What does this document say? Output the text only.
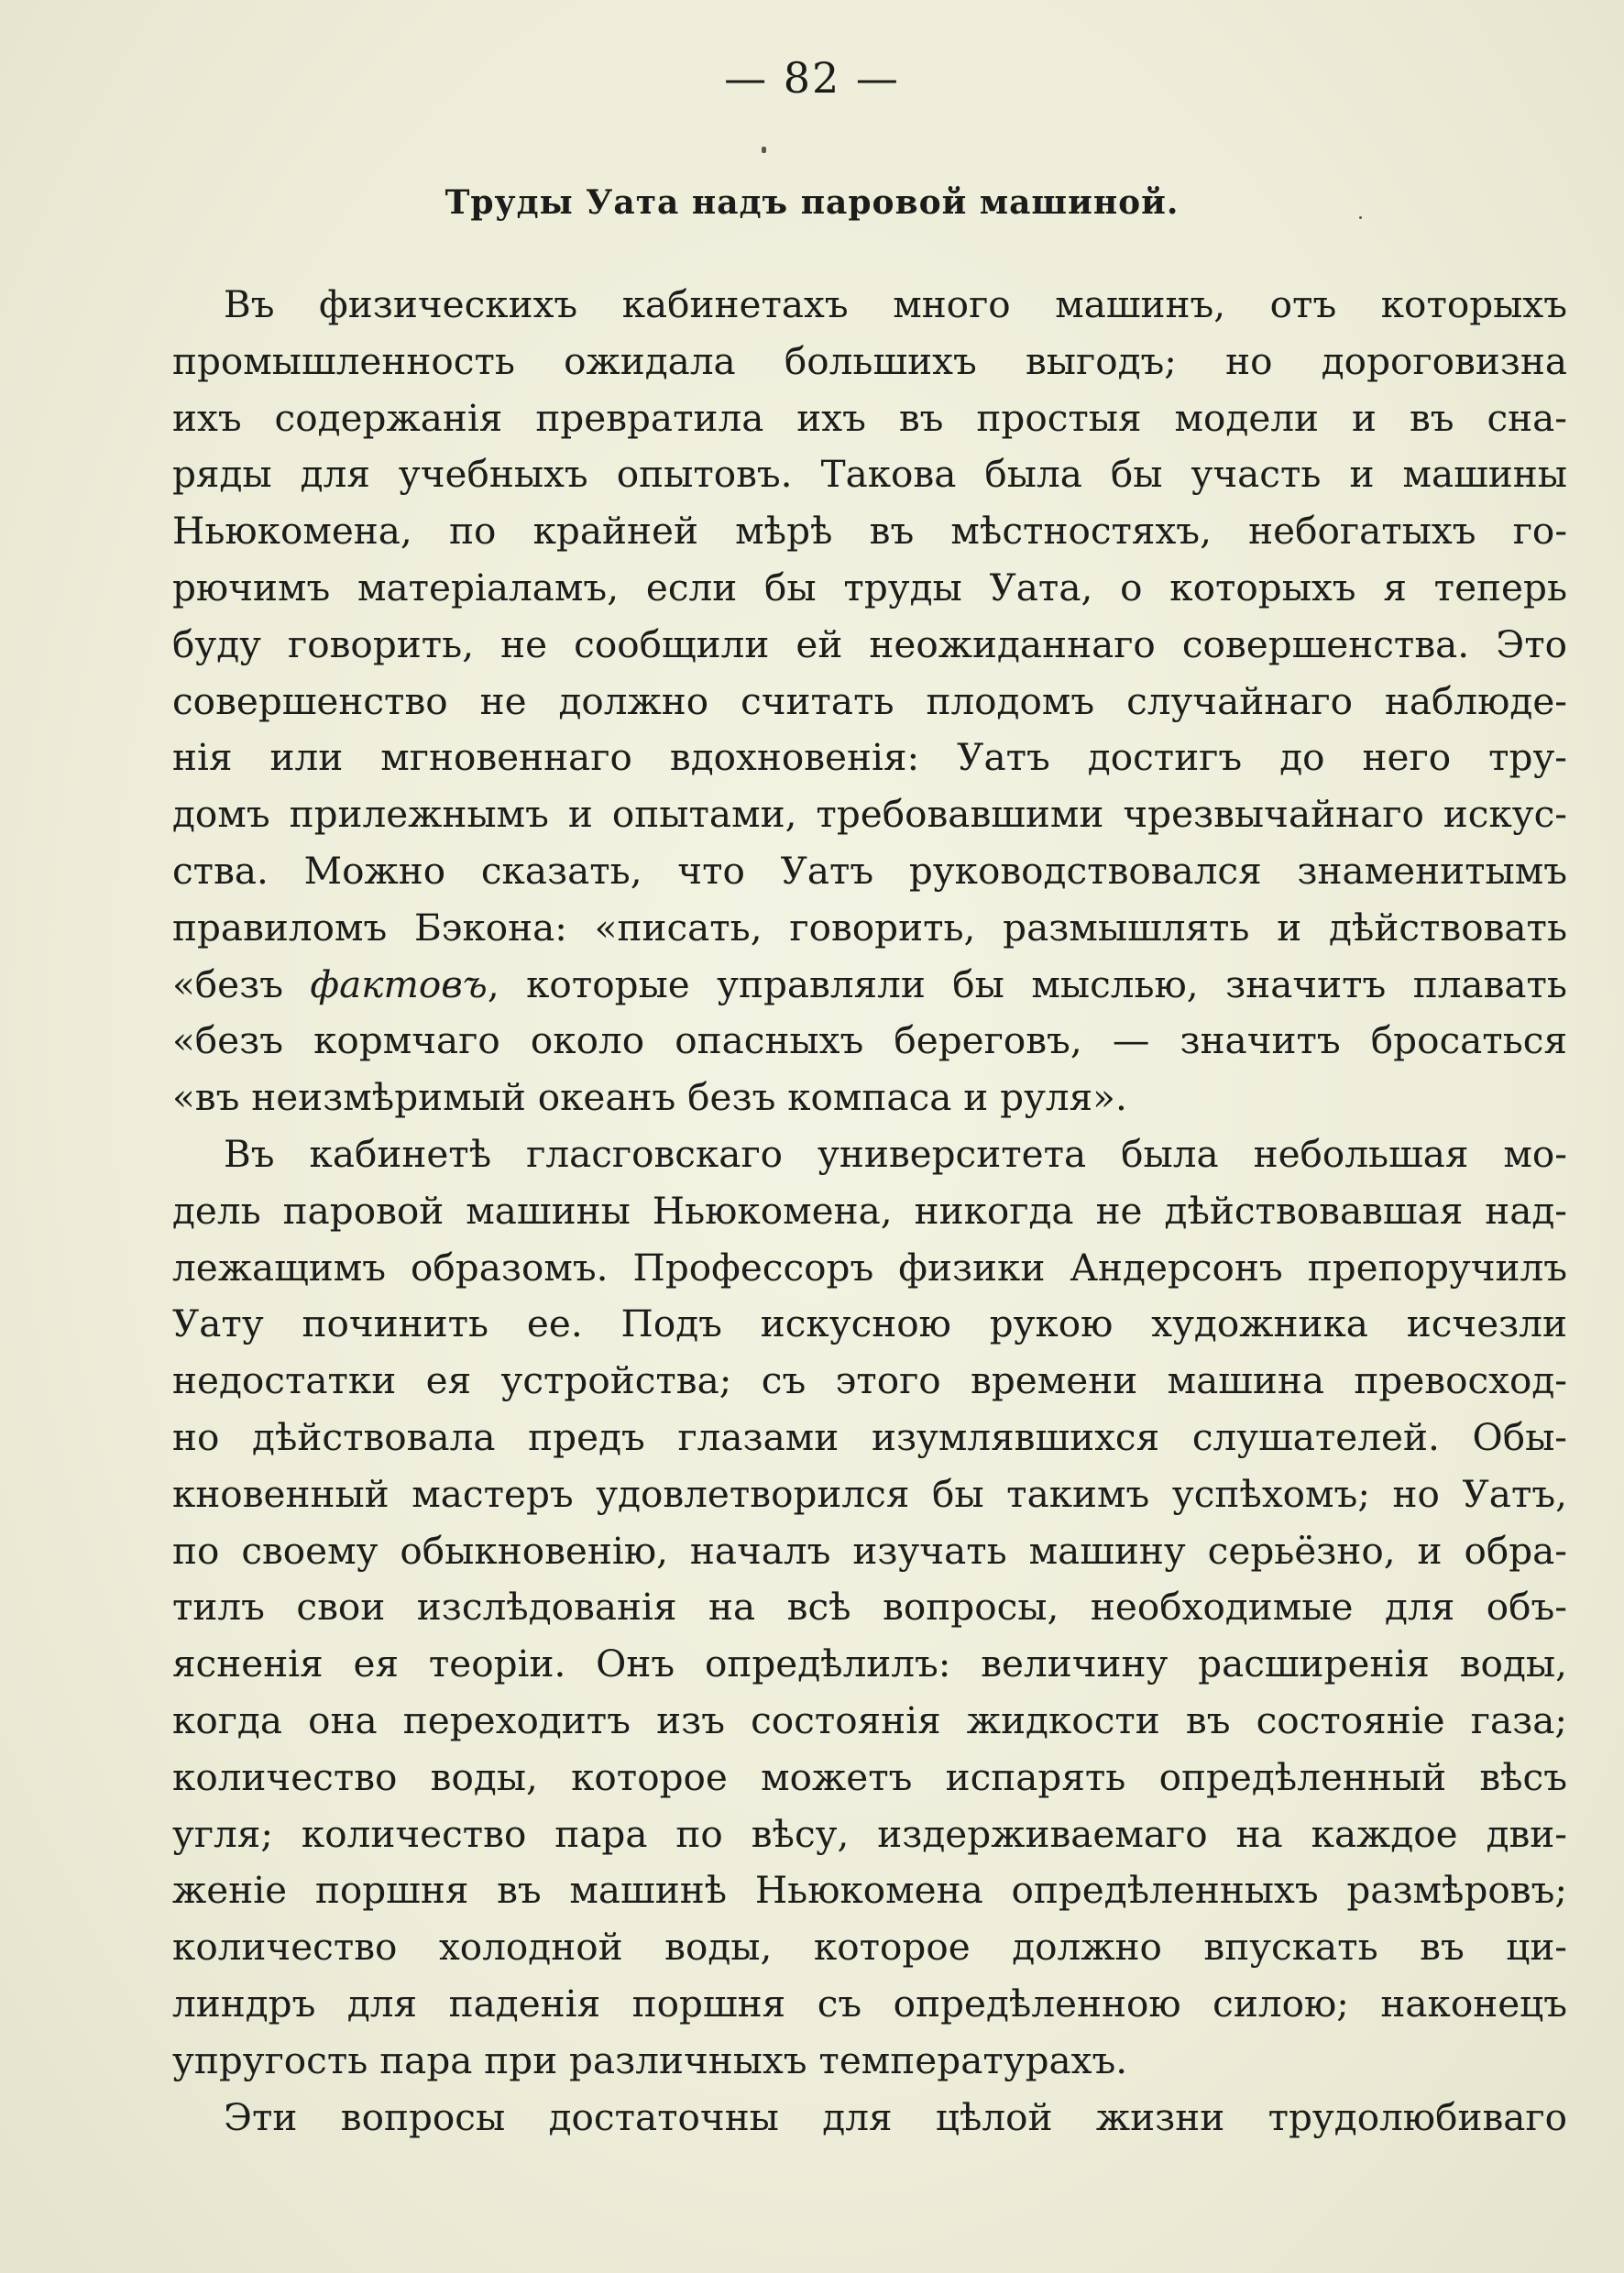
— 82 —
Труды Уата надъ паровой машиной.
Въ физическихъ кабинетахъ много машинъ, отъ которыхъ
промышленность ожидала большихъ выгодъ; но дороговизна
ихъ содержанія превратила ихъ въ простыя модели и въ сна-
ряды для учебныхъ опытовъ. Такова была бы участь и машины
Ньюкомена, по крайней мѣрѣ въ мѣстностяхъ, небогатыхъ го-
рючимъ матеріаламъ, если бы труды Уата, о которыхъ я теперь
буду говорить, не сообщили ей неожиданнаго совершенства. Это
совершенство не должно считать плодомъ случайнаго наблюде-
нія или мгновеннаго вдохновенія: Уатъ достигъ до него тру-
домъ прилежнымъ и опытами, требовавшими чрезвычайнаго искус-
ства. Можно сказать, что Уатъ руководствовался знаменитымъ
правиломъ Бэкона: «писать, говорить, размышлять и дѣйствовать
«безъ фактовъ, которые управляли бы мыслью, значитъ плавать
«безъ кормчаго около опасныхъ береговъ, — значитъ бросаться
«въ неизмѣримый океанъ безъ компаса и руля».
Въ кабинетѣ гласговскаго университета была небольшая мо-
дель паровой машины Ньюкомена, никогда не дѣйствовавшая над-
лежащимъ образомъ. Профессоръ физики Андерсонъ препоручилъ
Уату починить ее. Подъ искусною рукою художника исчезли
недостатки ея устройства; съ этого времени машина превосход-
но дѣйствовала предъ глазами изумлявшихся слушателей. Обы-
кновенный мастеръ удовлетворился бы такимъ успѣхомъ; но Уатъ,
по своему обыкновенію, началъ изучать машину серьёзно, и обра-
тилъ свои изслѣдованія на всѣ вопросы, необходимые для объ-
ясненія ея теоріи. Онъ опредѣлилъ: величину расширенія воды,
когда она переходитъ изъ состоянія жидкости въ состояніе газа;
количество воды, которое можетъ испарять опредѣленный вѣсъ
угля; количество пара по вѣсу, издерживаемаго на каждое дви-
женіе поршня въ машинѣ Ньюкомена опредѣленныхъ размѣровъ;
количество холодной воды, которое должно впускать въ ци-
линдръ для паденія поршня съ опредѣленною силою; наконецъ
упругость пара при различныхъ температурахъ.
Эти вопросы достаточны для цѣлой жизни трудолюбиваго
